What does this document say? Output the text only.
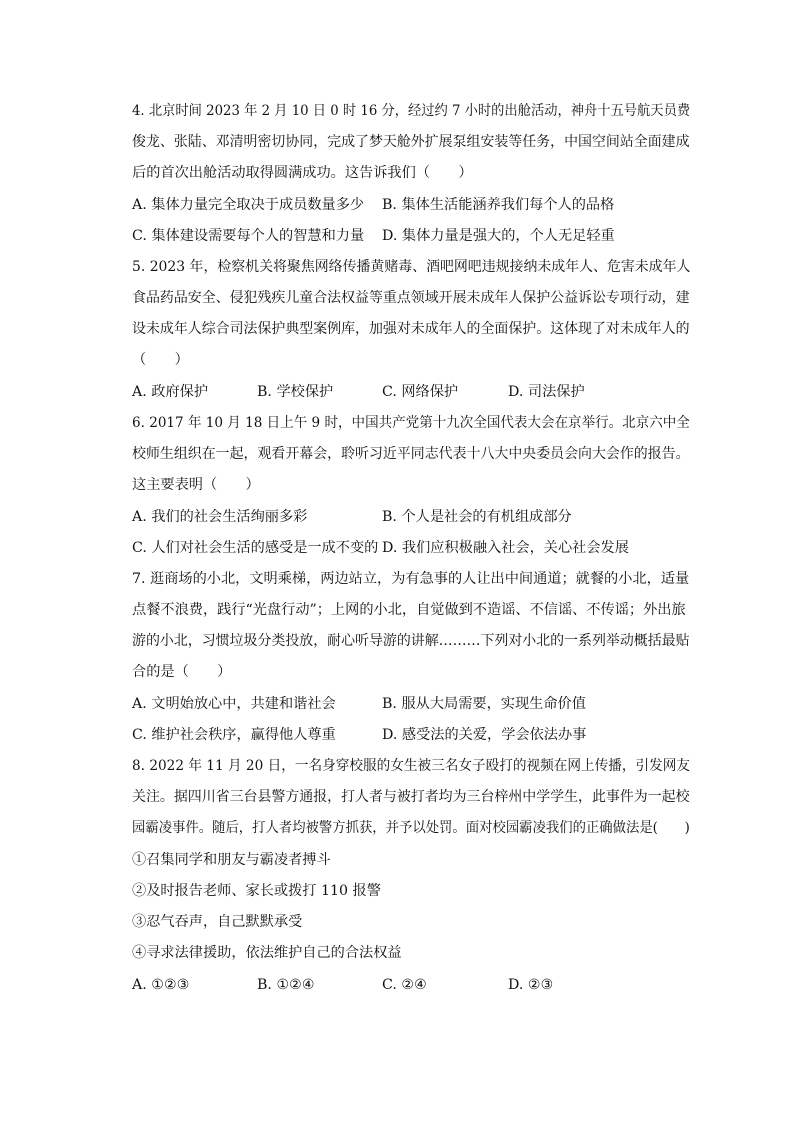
4. 北京时间 2023 年 2 月 10 日 0 时 16 分，经过约 7 小时的出舱活动，神舟十五号航天员费
俊龙、张陆、邓清明密切协同，完成了梦天舱外扩展泵组安装等任务，中国空间站全面建成
后的首次出舱活动取得圆满成功。这告诉我们（　　）
A. 集体力量完全取决于成员数量多少 B. 集体生活能涵养我们每个人的品格
C. 集体建设需要每个人的智慧和力量 D. 集体力量是强大的，个人无足轻重
5. 2023 年，检察机关将聚焦网络传播黄赌毒、酒吧网吧违规接纳未成年人、危害未成年人
食品药品安全、侵犯残疾儿童合法权益等重点领域开展未成年人保护公益诉讼专项行动，建
设未成年人综合司法保护典型案例库，加强对未成年人的全面保护。这体现了对未成年人的
（　　）
A. 政府保护	B. 学校保护	C. 网络保护	D. 司法保护
6. 2017 年 10 月 18 日上午 9 时，中国共产党第十九次全国代表大会在京举行。北京六中全
校师生组织在一起，观看开幕会，聆听习近平同志代表十八大中央委员会向大会作的报告。
这主要表明（　　）
A. 我们的社会生活绚丽多彩	B. 个人是社会的有机组成部分
C. 人们对社会生活的感受是一成不变的 D. 我们应积极融入社会，关心社会发展
7. 逛商场的小北，文明乘梯，两边站立，为有急事的人让出中间通道；就餐的小北，适量
点餐不浪费，践行“光盘行动”；上网的小北，自觉做到不造谣、不信谣、不传谣；外出旅
游的小北，习惯垃圾分类投放，耐心听导游的讲解………下列对小北的一系列举动概括最贴
合的是（　　）
A. 文明始放心中，共建和谐社会	B. 服从大局需要，实现生命价值
C. 维护社会秩序，赢得他人尊重	D. 感受法的关爱，学会依法办事
8. 2022 年 11 月 20 日，一名身穿校服的女生被三名女子殴打的视频在网上传播，引发网友
关注。据四川省三台县警方通报，打人者与被打者均为三台梓州中学学生，此事件为一起校
园霸凌事件。随后，打人者均被警方抓获，并予以处罚。面对校园霸凌我们的正确做法是(　　)
①召集同学和朋友与霸凌者搏斗
②及时报告老师、家长或拨打 110 报警
③忍气吞声，自己默默承受
④寻求法律援助，依法维护自己的合法权益
A. ①②③	B. ①②④	C. ②④	D. ②③
